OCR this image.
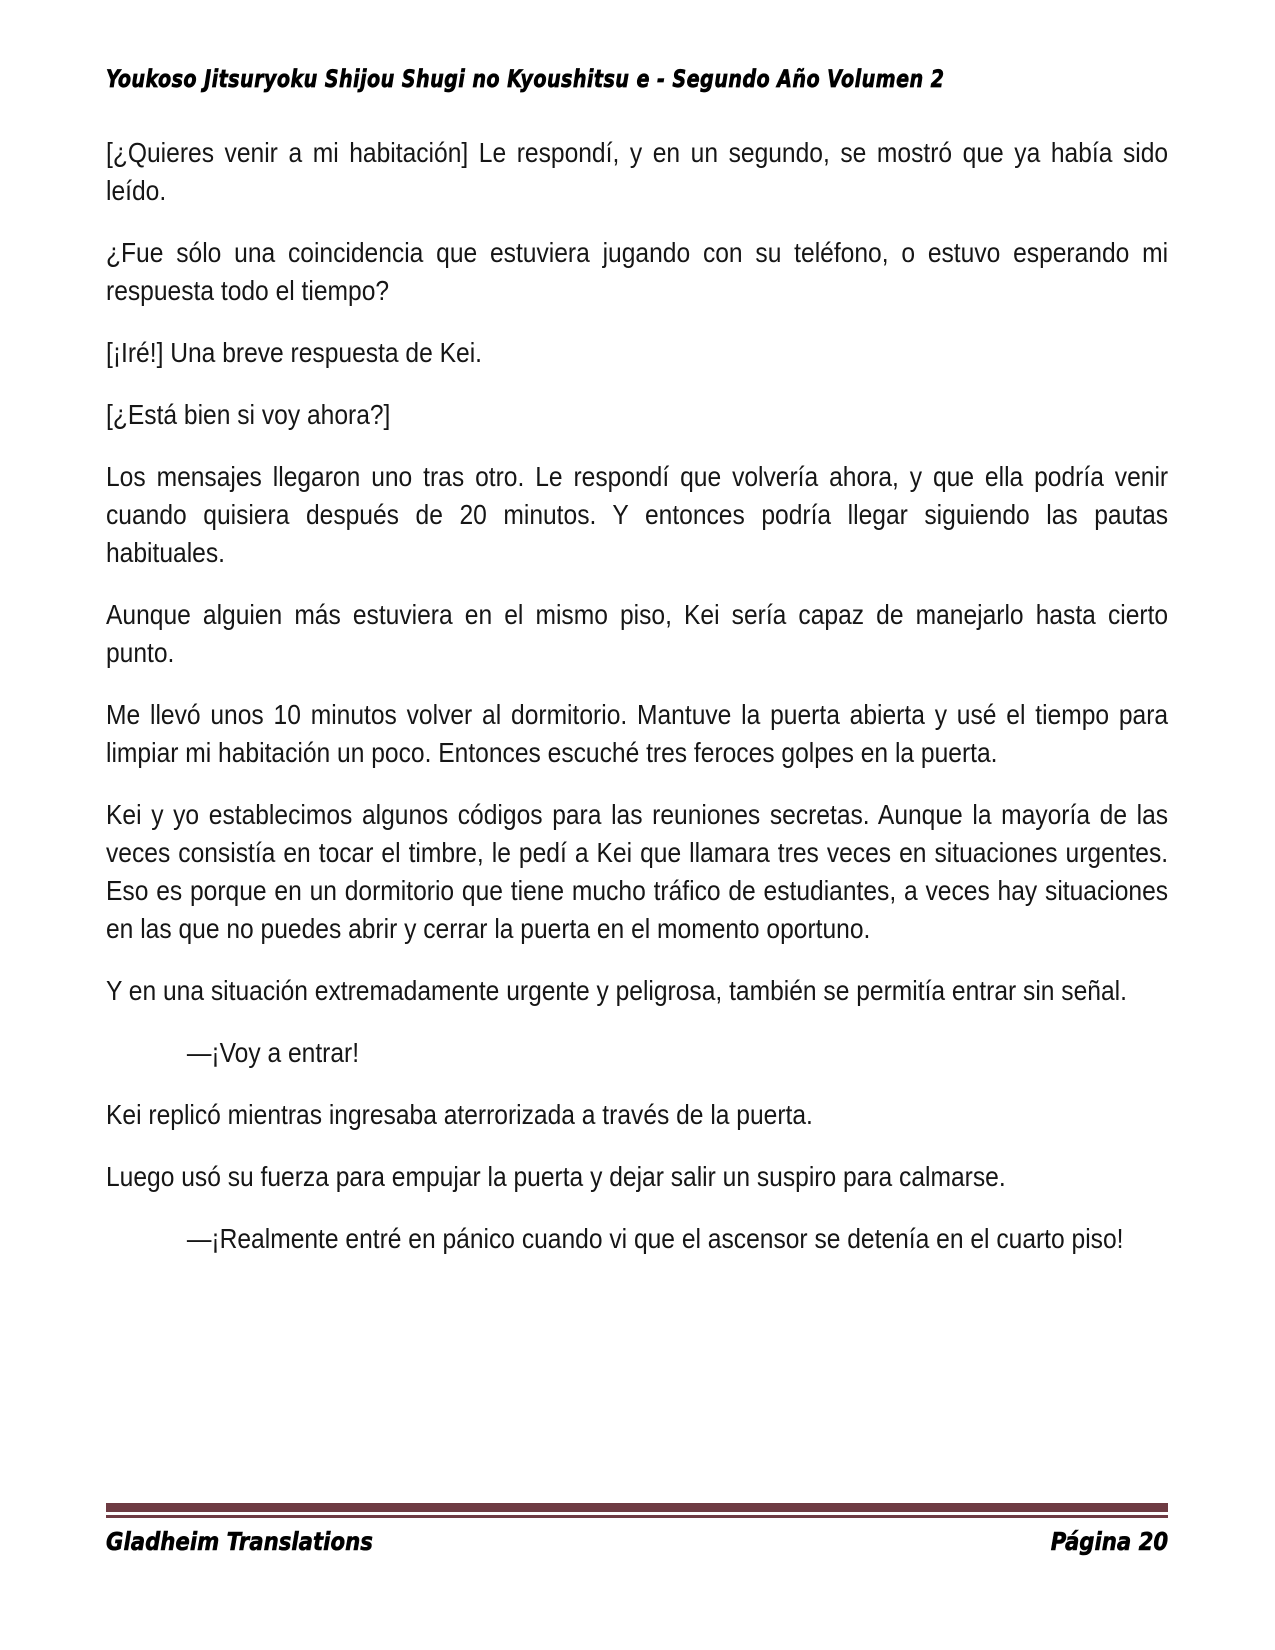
Youkoso Jitsuryoku Shijou Shugi no Kyoushitsu e - Segundo Año Volumen 2

[¿Quieres venir a mi habitación] Le respondí, y en un segundo, se mostró que ya había sido leído.

¿Fue sólo una coincidencia que estuviera jugando con su teléfono, o estuvo esperando mi respuesta todo el tiempo?

[¡Iré!] Una breve respuesta de Kei.

[¿Está bien si voy ahora?]

Los mensajes llegaron uno tras otro. Le respondí que volvería ahora, y que ella podría venir cuando quisiera después de 20 minutos. Y entonces podría llegar siguiendo las pautas habituales.

Aunque alguien más estuviera en el mismo piso, Kei sería capaz de manejarlo hasta cierto punto.

Me llevó unos 10 minutos volver al dormitorio. Mantuve la puerta abierta y usé el tiempo para limpiar mi habitación un poco. Entonces escuché tres feroces golpes en la puerta.

Kei y yo establecimos algunos códigos para las reuniones secretas. Aunque la mayoría de las veces consistía en tocar el timbre, le pedí a Kei que llamara tres veces en situaciones urgentes. Eso es porque en un dormitorio que tiene mucho tráfico de estudiantes, a veces hay situaciones en las que no puedes abrir y cerrar la puerta en el momento oportuno.

Y en una situación extremadamente urgente y peligrosa, también se permitía entrar sin señal.

—¡Voy a entrar!

Kei replicó mientras ingresaba aterrorizada a través de la puerta.

Luego usó su fuerza para empujar la puerta y dejar salir un suspiro para calmarse.

—¡Realmente entré en pánico cuando vi que el ascensor se detenía en el cuarto piso!

Gladheim Translations	Página 20
